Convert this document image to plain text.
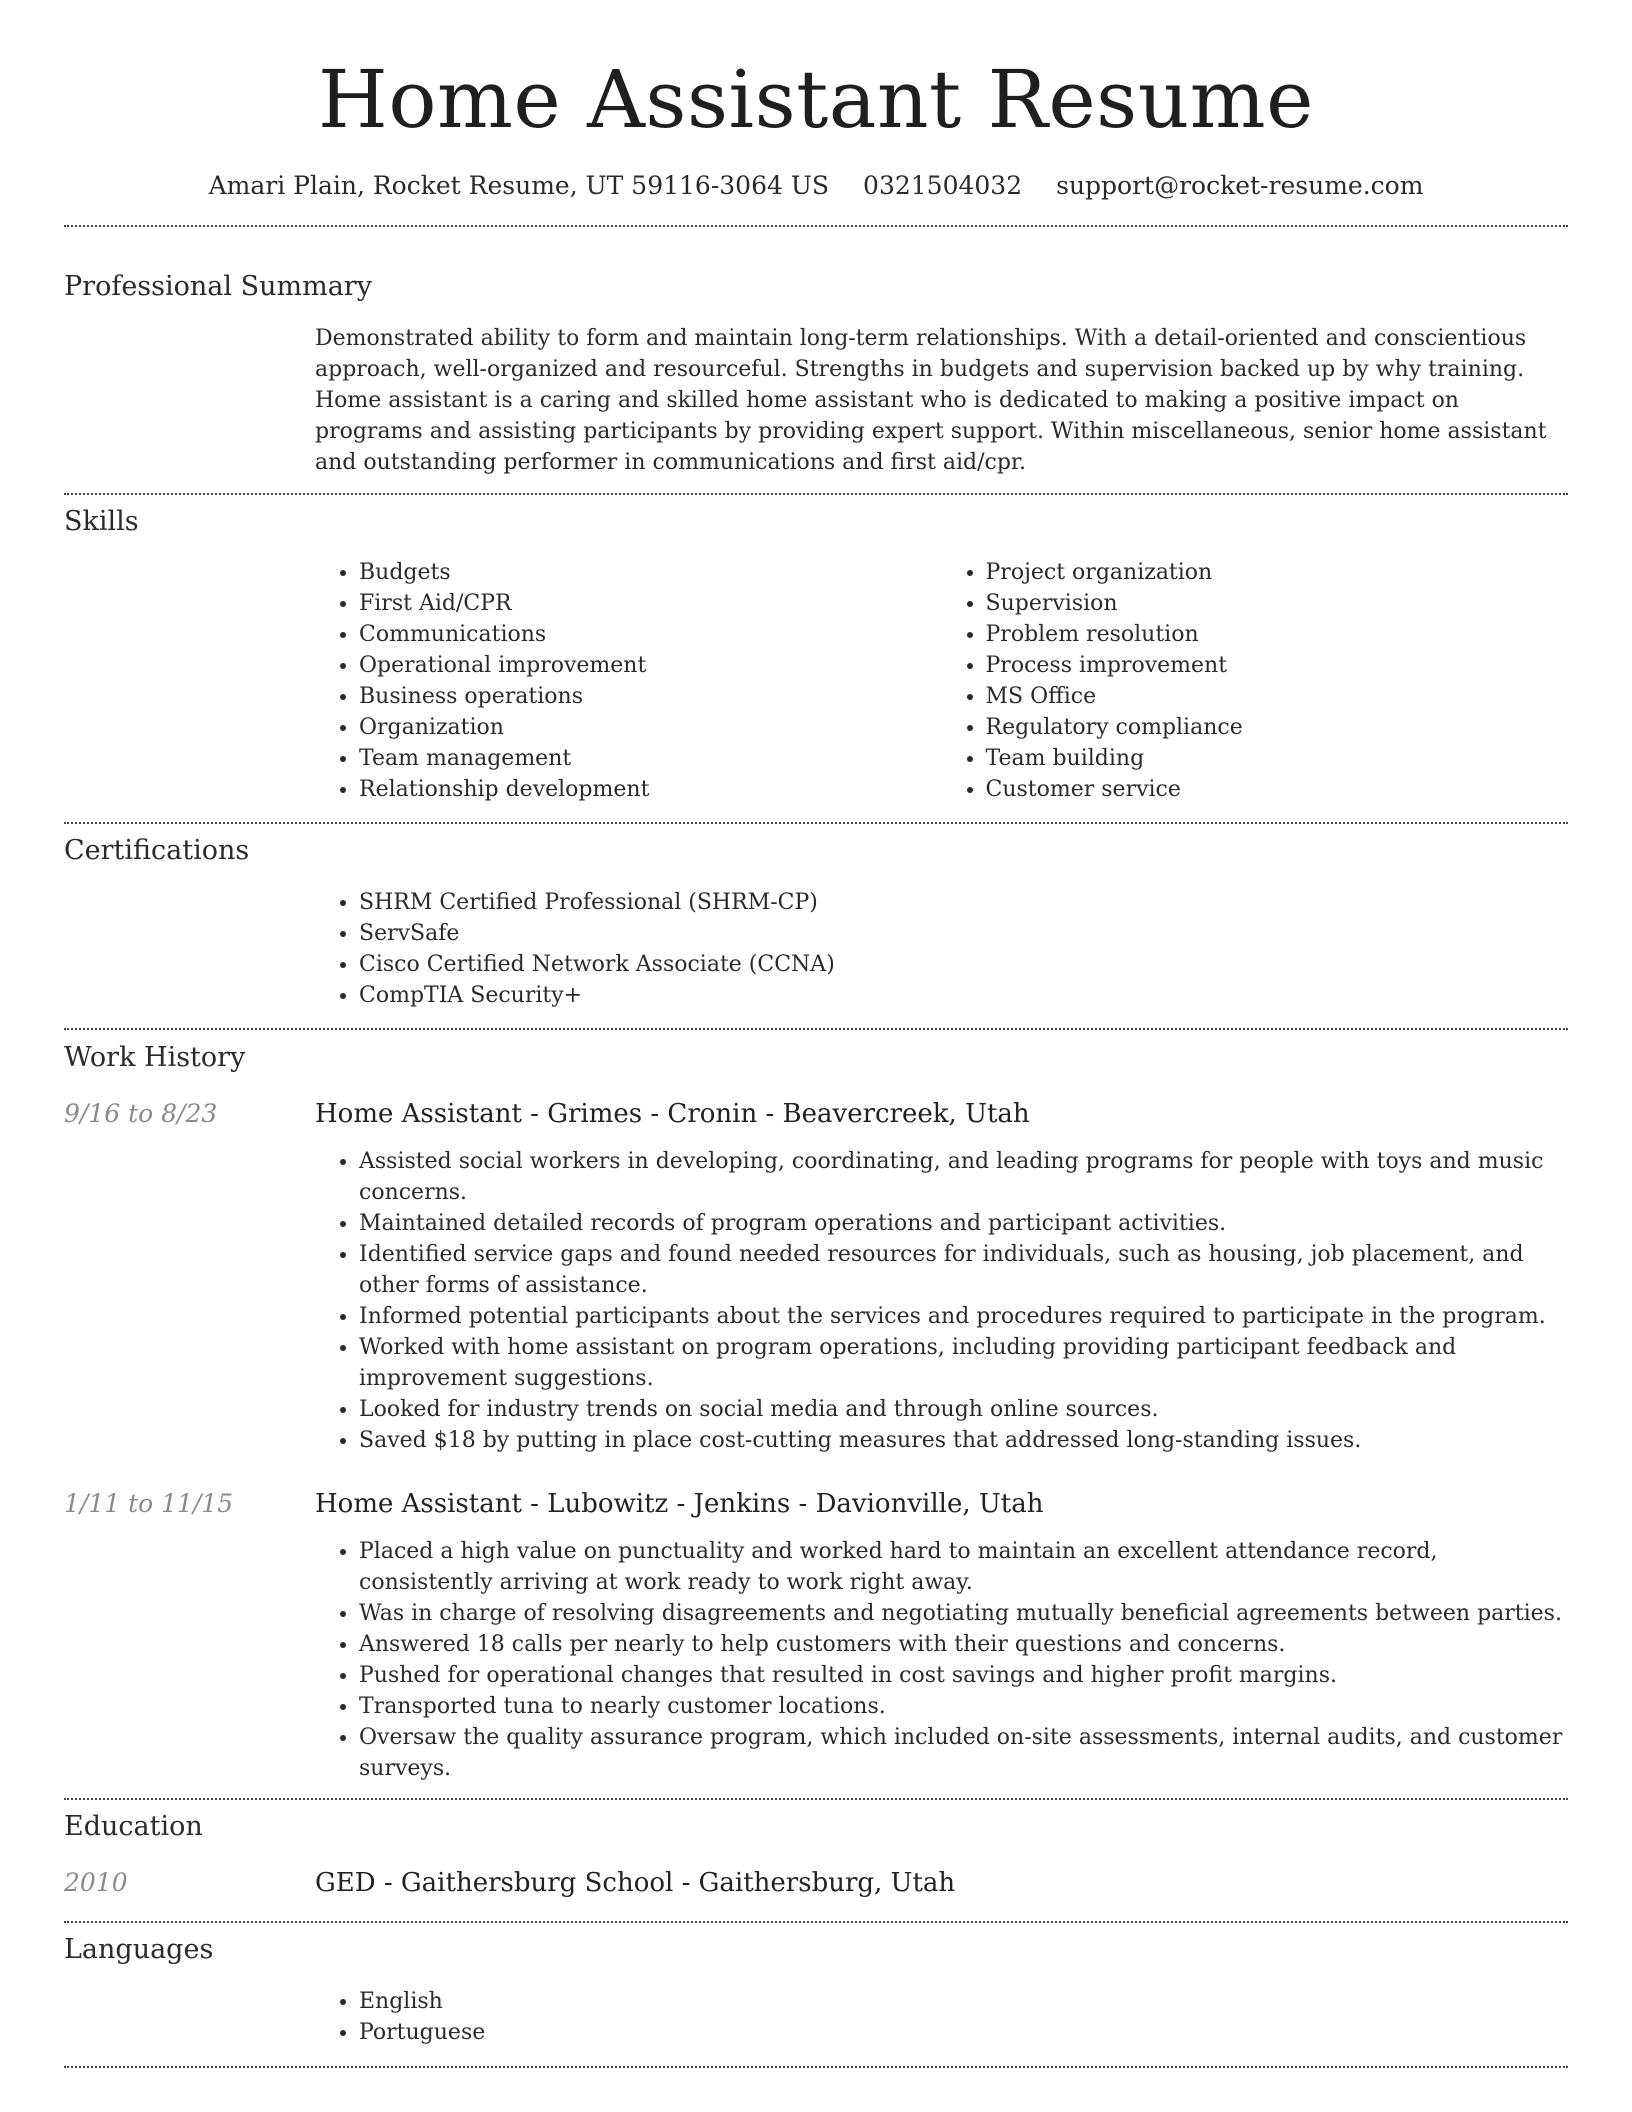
Home Assistant Resume
Amari Plain, Rocket Resume, UT 59116-3064 US 0321504032 support@rocket-resume.com
Professional Summary
Demonstrated ability to form and maintain long-term relationships. With a detail-oriented and conscientious approach, well-organized and resourceful. Strengths in budgets and supervision backed up by why training. Home assistant is a caring and skilled home assistant who is dedicated to making a positive impact on programs and assisting participants by providing expert support. Within miscellaneous, senior home assistant and outstanding performer in communications and first aid/cpr.
Skills
• Budgets
• First Aid/CPR
• Communications
• Operational improvement
• Business operations
• Organization
• Team management
• Relationship development
• Project organization
• Supervision
• Problem resolution
• Process improvement
• MS Office
• Regulatory compliance
• Team building
• Customer service
Certifications
• SHRM Certified Professional (SHRM-CP)
• ServSafe
• Cisco Certified Network Associate (CCNA)
• CompTIA Security+
Work History
9/16 to 8/23	Home Assistant - Grimes - Cronin - Beavercreek, Utah
• Assisted social workers in developing, coordinating, and leading programs for people with toys and music concerns.
• Maintained detailed records of program operations and participant activities.
• Identified service gaps and found needed resources for individuals, such as housing, job placement, and other forms of assistance.
• Informed potential participants about the services and procedures required to participate in the program.
• Worked with home assistant on program operations, including providing participant feedback and improvement suggestions.
• Looked for industry trends on social media and through online sources.
• Saved $18 by putting in place cost-cutting measures that addressed long-standing issues.
1/11 to 11/15	Home Assistant - Lubowitz - Jenkins - Davionville, Utah
• Placed a high value on punctuality and worked hard to maintain an excellent attendance record, consistently arriving at work ready to work right away.
• Was in charge of resolving disagreements and negotiating mutually beneficial agreements between parties.
• Answered 18 calls per nearly to help customers with their questions and concerns.
• Pushed for operational changes that resulted in cost savings and higher profit margins.
• Transported tuna to nearly customer locations.
• Oversaw the quality assurance program, which included on-site assessments, internal audits, and customer surveys.
Education
2010	GED - Gaithersburg School - Gaithersburg, Utah
Languages
• English
• Portuguese
